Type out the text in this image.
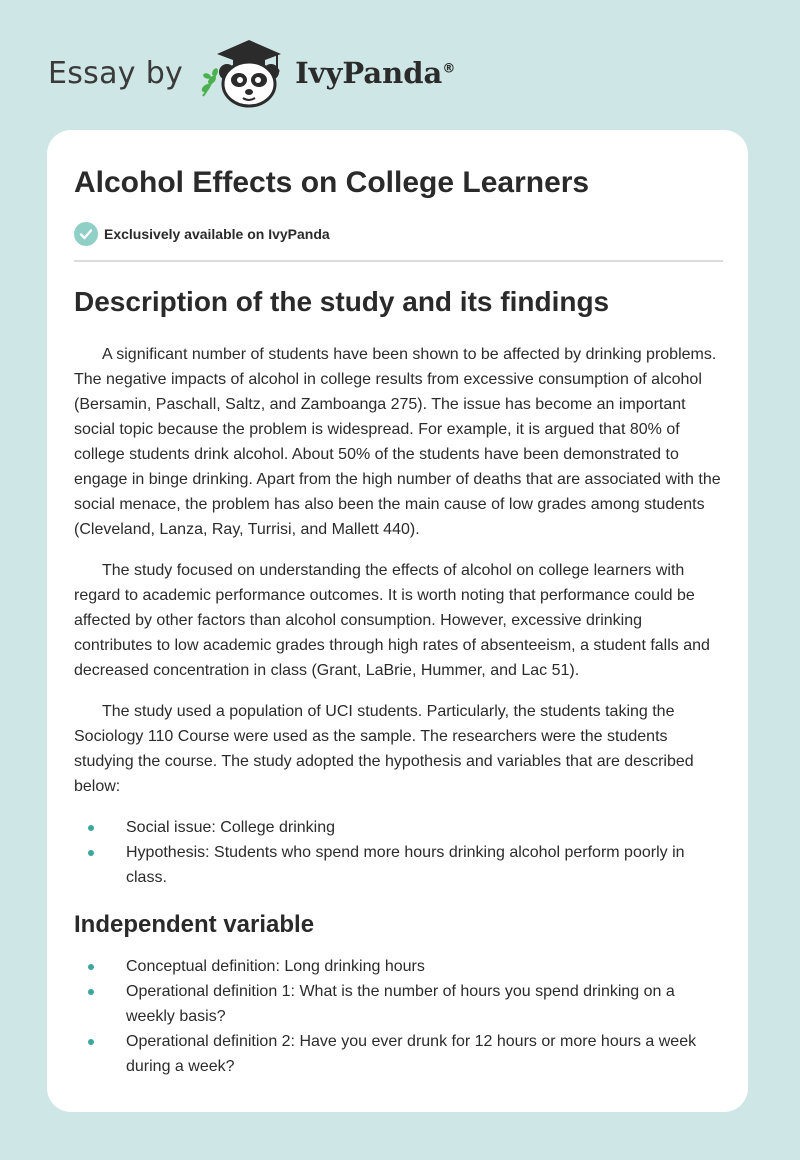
Essay by	IvyPanda®
Alcohol Effects on College Learners
Exclusively available on IvyPanda
Description of the study and its findings

A significant number of students have been shown to be affected by drinking problems. The negative impacts of alcohol in college results from excessive consumption of alcohol (Bersamin, Paschall, Saltz, and Zamboanga 275). The issue has become an important social topic because the problem is widespread. For example, it is argued that 80% of college students drink alcohol. About 50% of the students have been demonstrated to engage in binge drinking. Apart from the high number of deaths that are associated with the social menace, the problem has also been the main cause of low grades among students (Cleveland, Lanza, Ray, Turrisi, and Mallett 440).

The study focused on understanding the effects of alcohol on college learners with regard to academic performance outcomes. It is worth noting that performance could be affected by other factors than alcohol consumption. However, excessive drinking contributes to low academic grades through high rates of absenteeism, a student falls and decreased concentration in class (Grant, LaBrie, Hummer, and Lac 51).

The study used a population of UCI students. Particularly, the students taking the Sociology 110 Course were used as the sample. The researchers were the students studying the course. The study adopted the hypothesis and variables that are described below:

Social issue: College drinking
Hypothesis: Students who spend more hours drinking alcohol perform poorly in class.
Independent variable
Conceptual definition: Long drinking hours
Operational definition 1: What is the number of hours you spend drinking on a weekly basis?
Operational definition 2: Have you ever drunk for 12 hours or more hours a week during a week?
